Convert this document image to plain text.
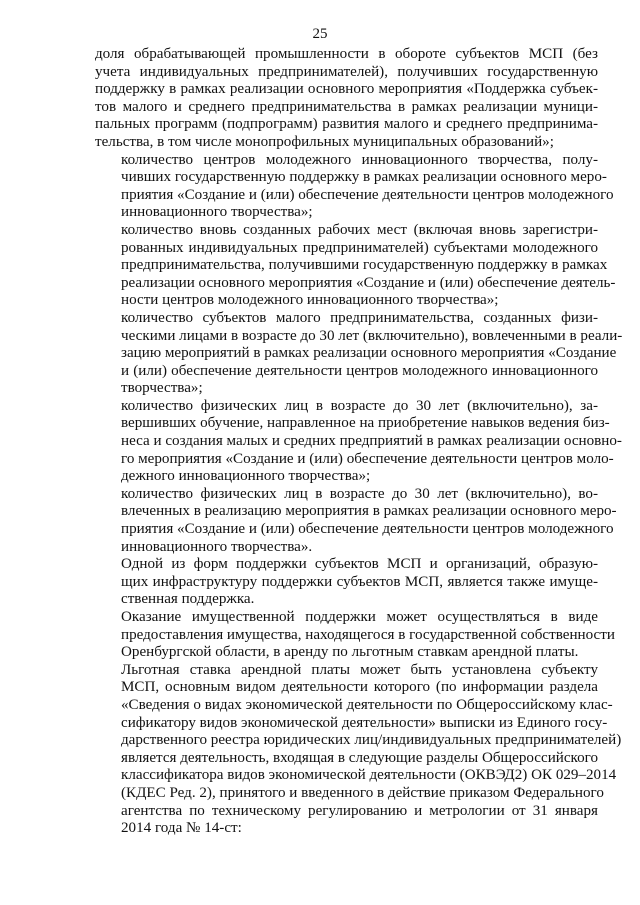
25
доля обрабатывающей промышленности в обороте субъектов МСП (без
учета индивидуальных предпринимателей), получивших государственную
поддержку в рамках реализации основного мероприятия «Поддержка субъек-
тов малого и среднего предпринимательства в рамках реализации муници-
пальных программ (подпрограмм) развития малого и среднего предпринима-
тельства, в том числе монопрофильных муниципальных образований»;
количество центров молодежного инновационного творчества, полу-
чивших государственную поддержку в рамках реализации основного меро-
приятия «Создание и (или) обеспечение деятельности центров молодежного
инновационного творчества»;
количество вновь созданных рабочих мест (включая вновь зарегистри-
рованных индивидуальных предпринимателей) субъектами молодежного
предпринимательства, получившими государственную поддержку в рамках
реализации основного мероприятия «Создание и (или) обеспечение деятель-
ности центров молодежного инновационного творчества»;
количество субъектов малого предпринимательства, созданных физи-
ческими лицами в возрасте до 30 лет (включительно), вовлеченными в реали-
зацию мероприятий в рамках реализации основного мероприятия «Создание
и (или) обеспечение деятельности центров молодежного инновационного
творчества»;
количество физических лиц в возрасте до 30 лет (включительно), за-
вершивших обучение, направленное на приобретение навыков ведения биз-
неса и создания малых и средних предприятий в рамках реализации основно-
го мероприятия «Создание и (или) обеспечение деятельности центров моло-
дежного инновационного творчества»;
количество физических лиц в возрасте до 30 лет (включительно), во-
влеченных в реализацию мероприятия в рамках реализации основного меро-
приятия «Создание и (или) обеспечение деятельности центров молодежного
инновационного творчества».
Одной из форм поддержки субъектов МСП и организаций, образую-
щих инфраструктуру поддержки субъектов МСП, является также имуще-
ственная поддержка.
Оказание имущественной поддержки может осуществляться в виде
предоставления имущества, находящегося в государственной собственности
Оренбургской области, в аренду по льготным ставкам арендной платы.
Льготная ставка арендной платы может быть установлена субъекту
МСП, основным видом деятельности которого (по информации раздела
«Сведения о видах экономической деятельности по Общероссийскому клас-
сификатору видов экономической деятельности» выписки из Единого госу-
дарственного реестра юридических лиц/индивидуальных предпринимателей)
является деятельность, входящая в следующие разделы Общероссийского
классификатора видов экономической деятельности (ОКВЭД2) ОК 029–2014
(КДЕС Ред. 2), принятого и введенного в действие приказом Федерального
агентства по техническому регулированию и метрологии от 31 января
2014 года № 14-ст:
